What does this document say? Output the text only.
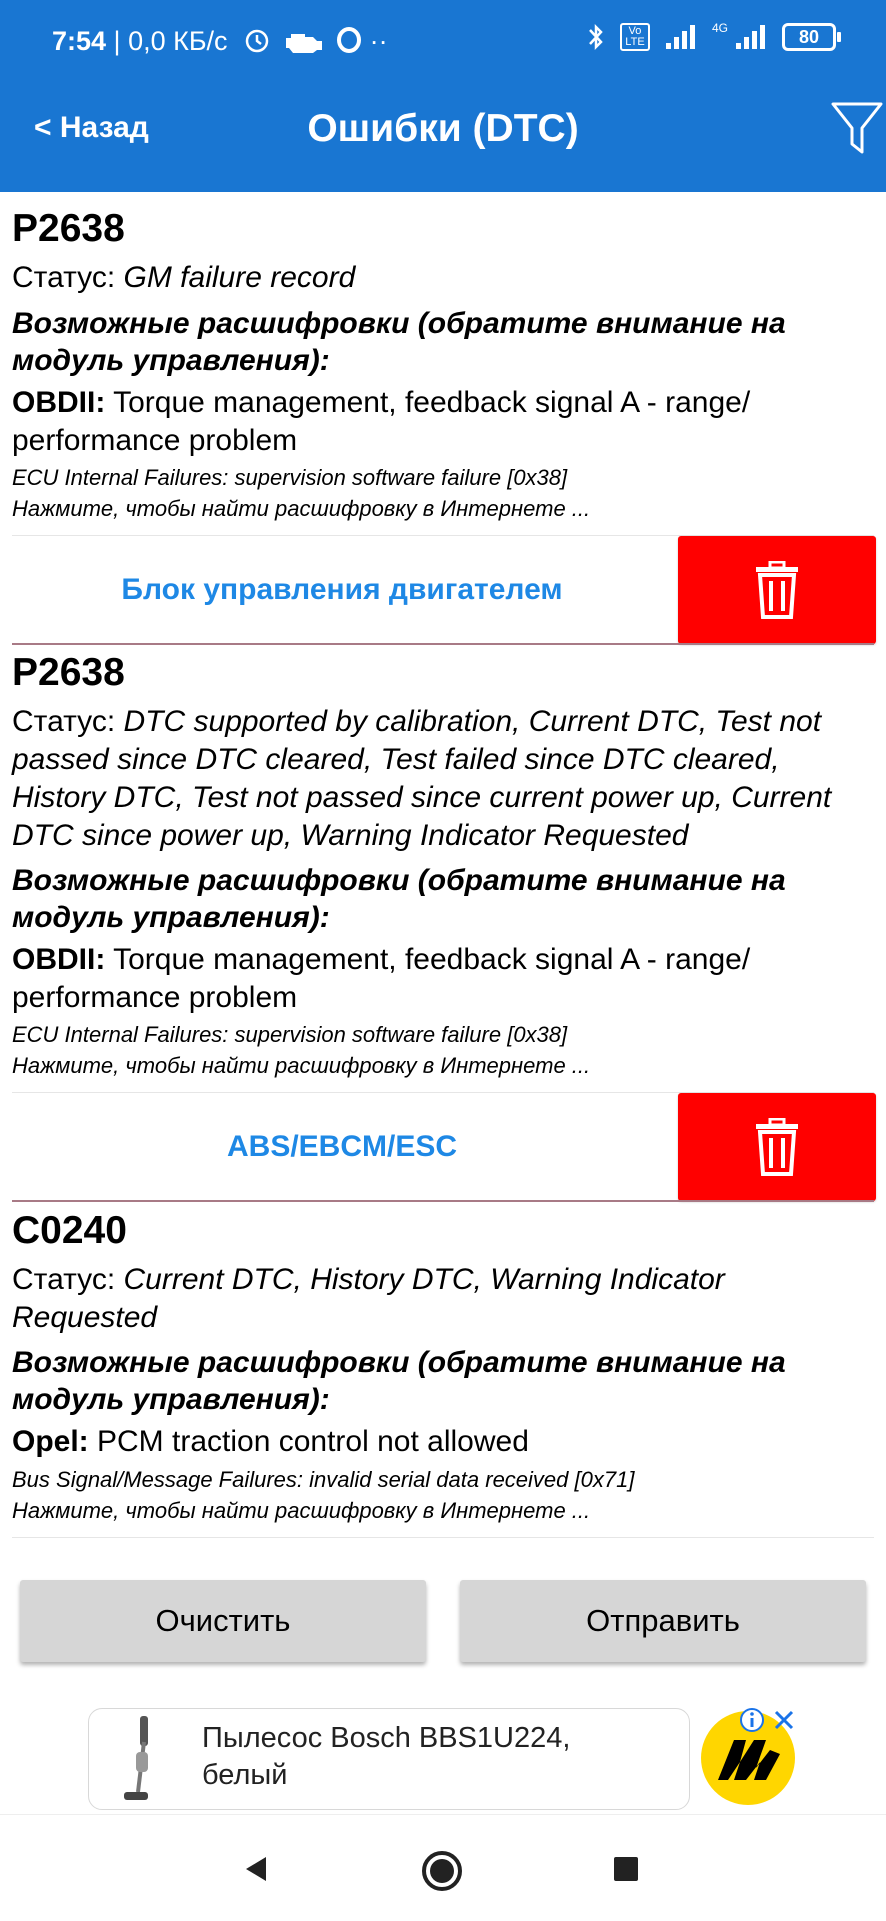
7:54 | 0,0 КБ/с	··	Vo LTE
4G	80
< Назад	Ошибки (DTC)
P2638
Статус: GM failure record
Возможные расшифровки (обратите внимание на модуль управления):
OBDII: Torque management, feedback signal A - range/ performance problem
ECU Internal Failures: supervision software failure [0x38]
Нажмите, чтобы найти расшифровку в Интернете ...
Блок управления двигателем
P2638
Статус: DTC supported by calibration, Current DTC, Test not passed since DTC cleared, Test failed since DTC cleared, History DTC, Test not passed since current power up, Current DTC since power up, Warning Indicator Requested
Возможные расшифровки (обратите внимание на модуль управления):
OBDII: Torque management, feedback signal A - range/ performance problem
ECU Internal Failures: supervision software failure [0x38]
Нажмите, чтобы найти расшифровку в Интернете ...
ABS/EBCM/ESC
C0240
Статус: Current DTC, History DTC, Warning Indicator Requested
Возможные расшифровки (обратите внимание на модуль управления):
Opel: PCM traction control not allowed
Bus Signal/Message Failures: invalid serial data received [0x71]
Нажмите, чтобы найти расшифровку в Интернете ...
Очистить	Отправить
Пылесос Bosch BBS1U224, белый
